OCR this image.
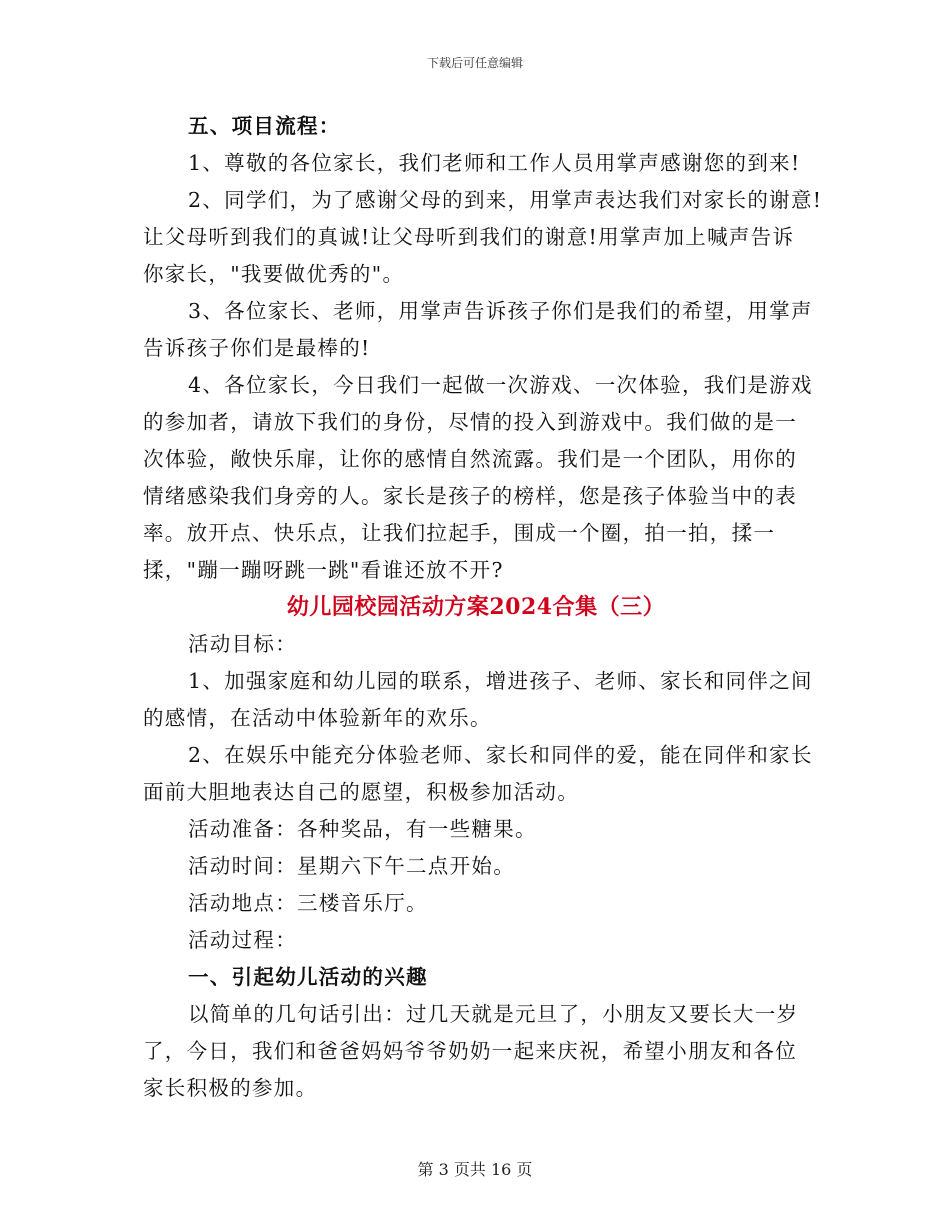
下载后可任意编辑
五、项目流程：
1、尊敬的各位家长，我们老师和工作人员用掌声感谢您的到来!
2、同学们，为了感谢父母的到来，用掌声表达我们对家长的谢意!
让父母听到我们的真诚!让父母听到我们的谢意!用掌声加上喊声告诉
你家长，"我要做优秀的"。
3、各位家长、老师，用掌声告诉孩子你们是我们的希望，用掌声
告诉孩子你们是最棒的!
4、各位家长，今日我们一起做一次游戏、一次体验，我们是游戏
的参加者，请放下我们的身份，尽情的投入到游戏中。我们做的是一
次体验，敞快乐扉，让你的感情自然流露。我们是一个团队，用你的
情绪感染我们身旁的人。家长是孩子的榜样，您是孩子体验当中的表
率。放开点、快乐点，让我们拉起手，围成一个圈，拍一拍，揉一
揉，"蹦一蹦呀跳一跳"看谁还放不开?
幼儿园校园活动方案2024合集（三）
活动目标：
1、加强家庭和幼儿园的联系，增进孩子、老师、家长和同伴之间
的感情，在活动中体验新年的欢乐。
2、在娱乐中能充分体验老师、家长和同伴的爱，能在同伴和家长
面前大胆地表达自己的愿望，积极参加活动。
活动准备：各种奖品，有一些糖果。
活动时间：星期六下午二点开始。
活动地点：三楼音乐厅。
活动过程：
一、引起幼儿活动的兴趣
以简单的几句话引出：过几天就是元旦了，小朋友又要长大一岁
了，今日，我们和爸爸妈妈爷爷奶奶一起来庆祝，希望小朋友和各位
家长积极的参加。
第 3 页共 16 页
